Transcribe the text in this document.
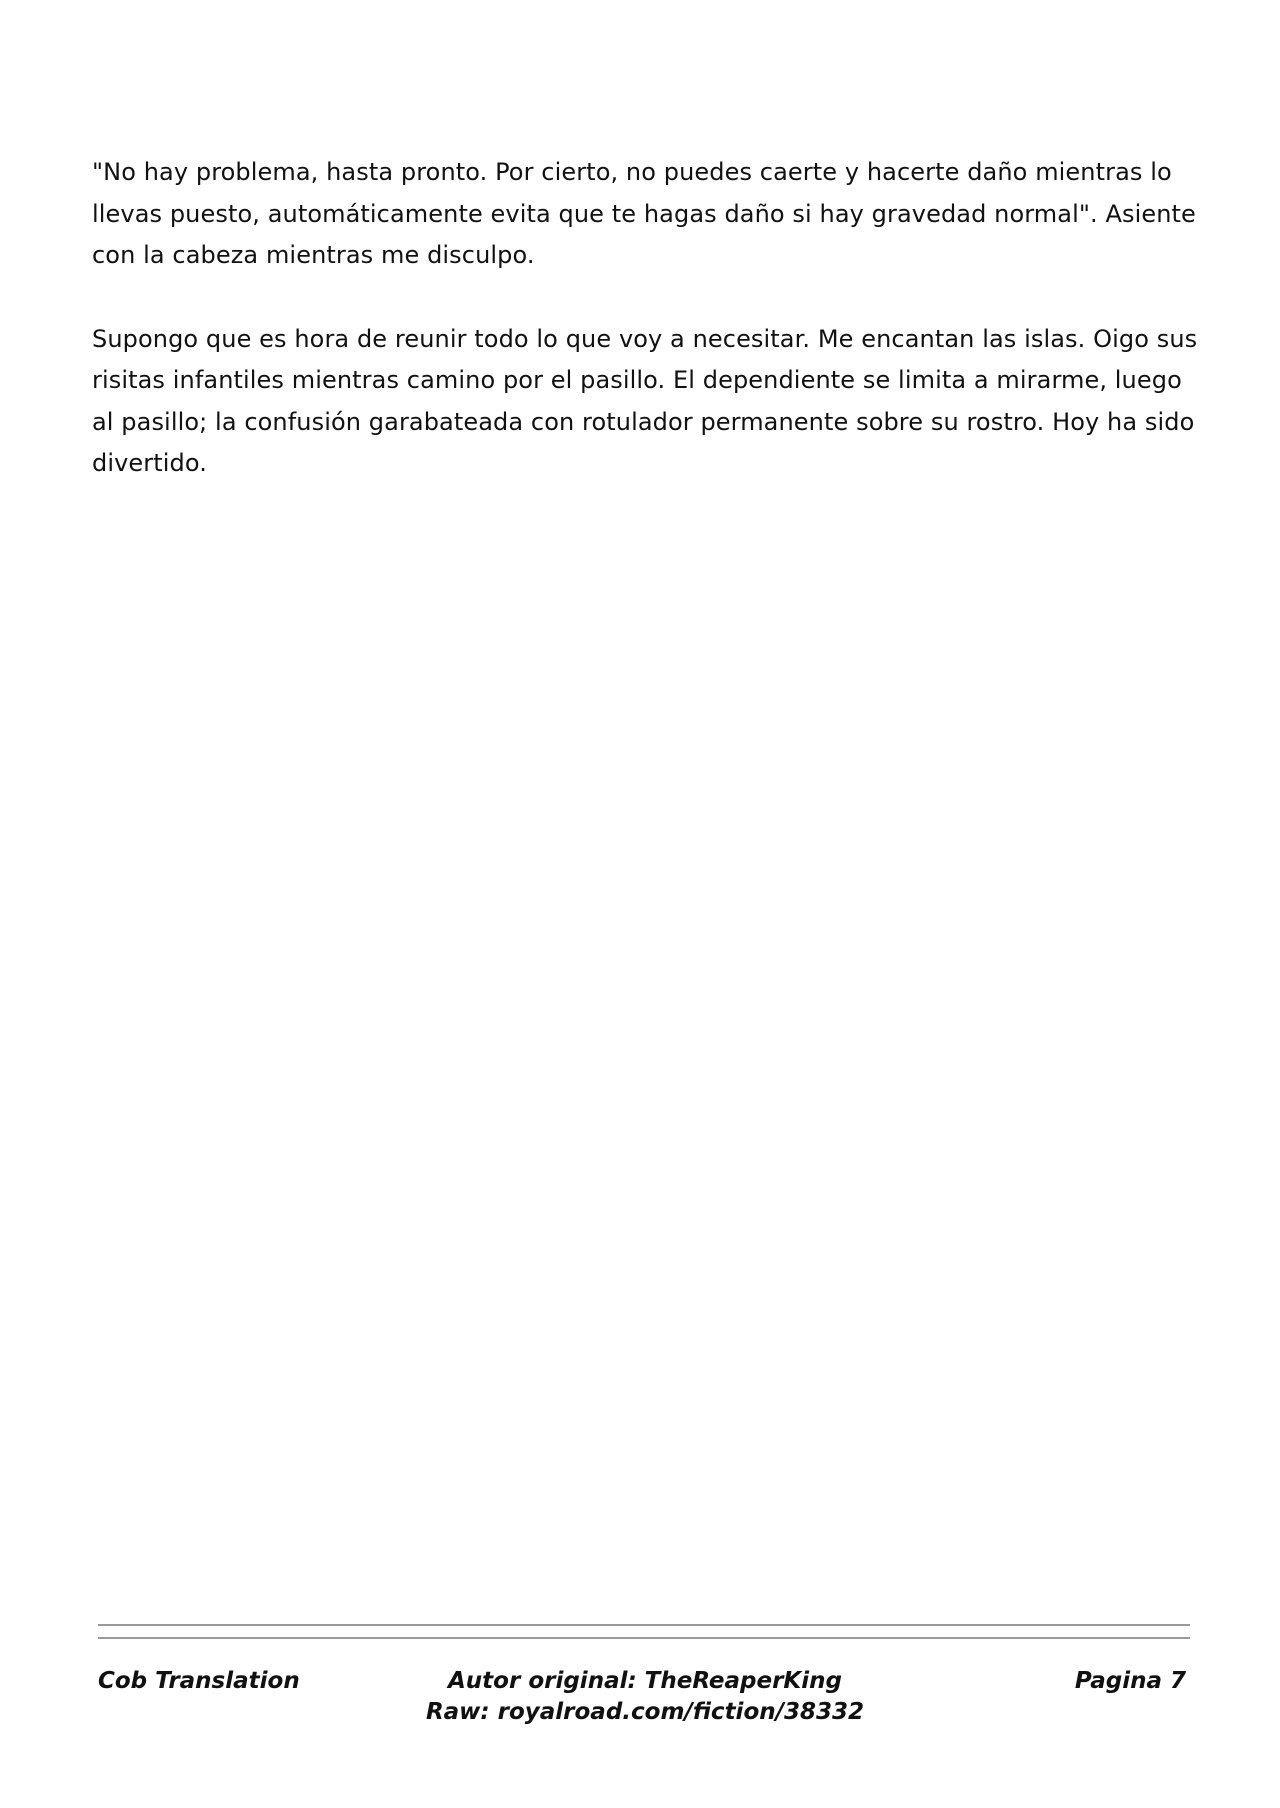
"No hay problema, hasta pronto. Por cierto, no puedes caerte y hacerte daño mientras lo llevas puesto, automáticamente evita que te hagas daño si hay gravedad normal". Asiente con la cabeza mientras me disculpo.

Supongo que es hora de reunir todo lo que voy a necesitar. Me encantan las islas. Oigo sus risitas infantiles mientras camino por el pasillo. El dependiente se limita a mirarme, luego al pasillo; la confusión garabateada con rotulador permanente sobre su rostro. Hoy ha sido divertido.

Cob Translation	Autor original: TheReaperKing
Raw: royalroad.com/fiction/38332
Pagina 7
